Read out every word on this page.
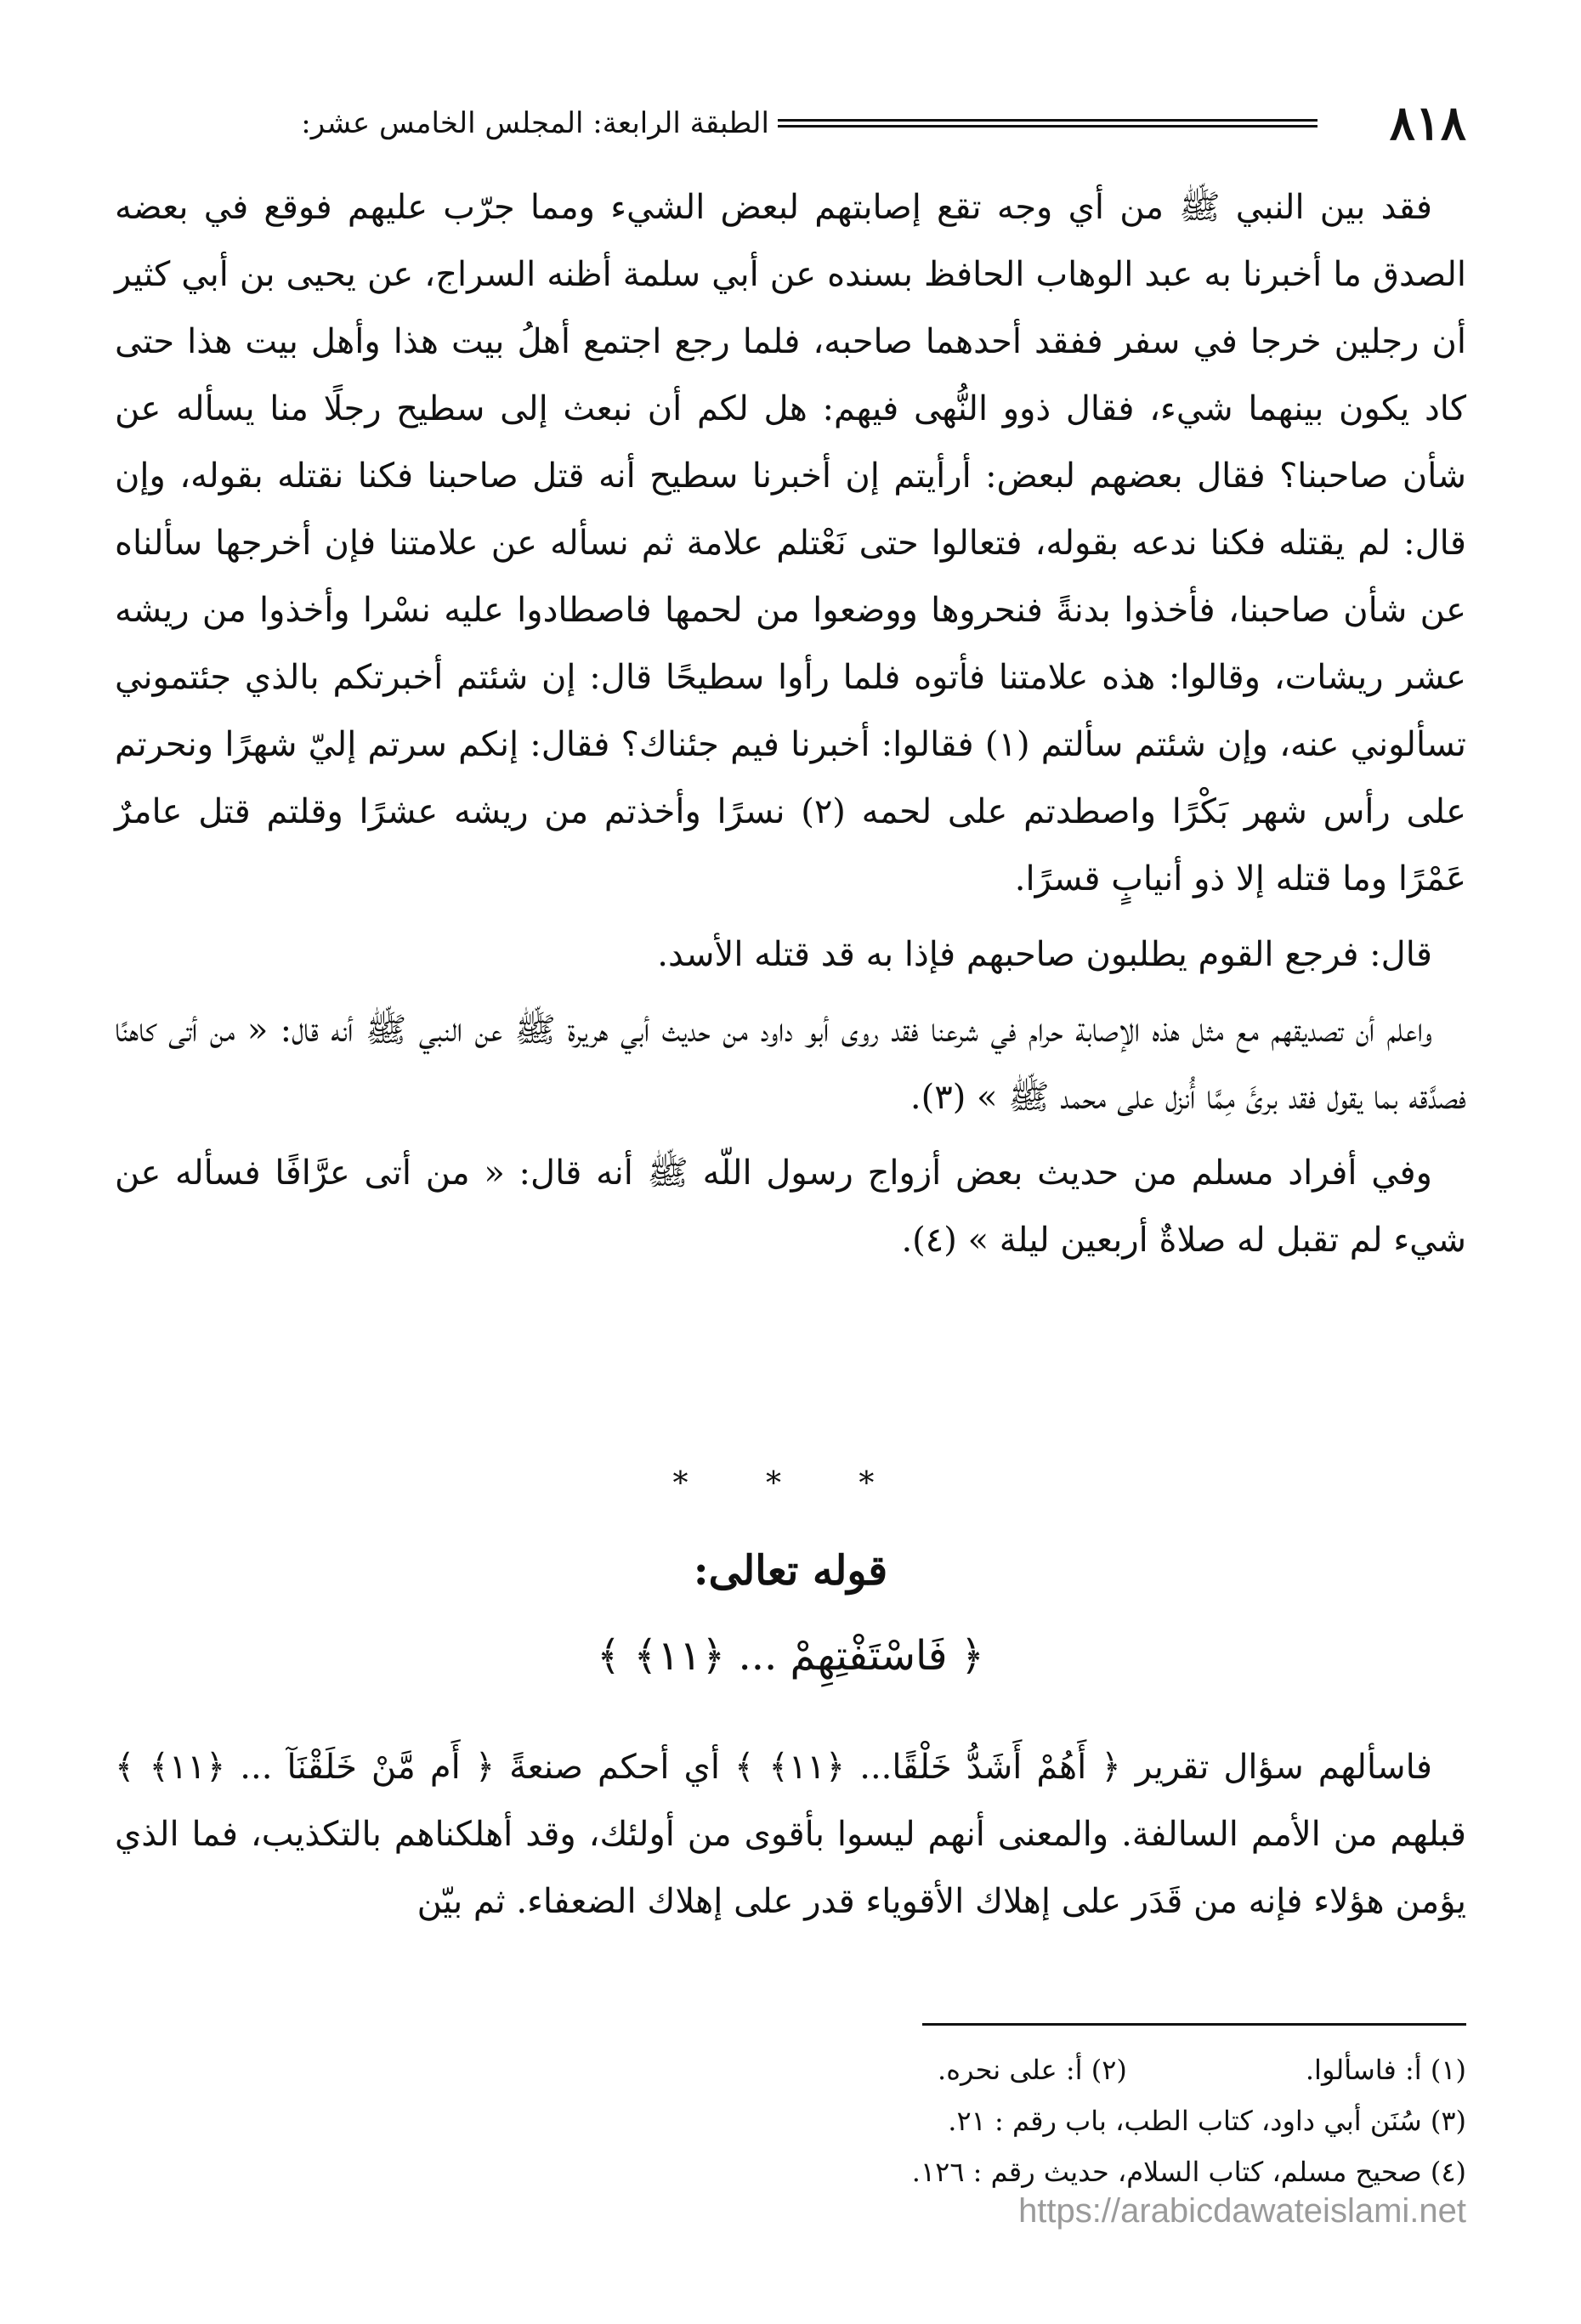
٨١٨
الطبقة الرابعة: المجلس الخامس عشر:

فقد بين النبي ﷺ من أي وجه تقع إصابتهم لبعض الشيء ومما جرّب عليهم فوقع في بعضه الصدق ما أخبرنا به عبد الوهاب الحافظ بسنده عن أبي سلمة أظنه السراج، عن يحيى بن أبي كثير أن رجلين خرجا في سفر ففقد أحدهما صاحبه، فلما رجع اجتمع أهلُ بيت هذا وأهل بيت هذا حتى كاد يكون بينهما شيء، فقال ذوو النُّهى فيهم: هل لكم أن نبعث إلى سطيح رجلًا منا يسأله عن شأن صاحبنا؟ فقال بعضهم لبعض: أرأيتم إن أخبرنا سطيح أنه قتل صاحبنا فكنا نقتله بقوله، وإن قال: لم يقتله فكنا ندعه بقوله، فتعالوا حتى نَعْتلم علامة ثم نسأله عن علامتنا فإن أخرجها سألناه عن شأن صاحبنا، فأخذوا بدنةً فنحروها ووضعوا من لحمها فاصطادوا عليه نسْرا وأخذوا من ريشه عشر ريشات، وقالوا: هذه علامتنا فأتوه فلما رأوا سطيحًا قال: إن شئتم أخبرتكم بالذي جئتموني تسألوني عنه، وإن شئتم سألتم (١) فقالوا: أخبرنا فيم جئناك؟ فقال: إنكم سرتم إليّ شهرًا ونحرتم على رأس شهر بَكْرًا واصطدتم على لحمه (٢) نسرًا وأخذتم من ريشه عشرًا وقلتم قتل عامرٌ عَمْرًا وما قتله إلا ذو أنيابٍ قسرًا.

قال: فرجع القوم يطلبون صاحبهم فإذا به قد قتله الأسد.

واعلم أن تصديقهم مع مثل هذه الإصابة حرام في شرعنا فقد روى أبو داود من حديث أبي هريرة ﷺ عن النبي ﷺ أنه قال: « من أتى كاهنًا فصدَّقه بما يقول فقد برئَ مِمَّا أُنزل على محمد ﷺ » (٣).

وفي أفراد مسلم من حديث بعض أزواج رسول اللّه ﷺ أنه قال: « من أتى عرَّافًا فسأله عن شيء لم تقبل له صلاةٌ أربعين ليلة » (٤).

* * *
قوله تعالى:
﴿ فَاسْتَفْتِهِمْ ... ﴿١١﴾ ﴾

فاسألهم سؤال تقرير ﴿ أَهُمْ أَشَدُّ خَلْقًا... ﴿١١﴾ ﴾ أي أحكم صنعةً ﴿ أَم مَّنْ خَلَقْنَآ ... ﴿١١﴾ ﴾ قبلهم من الأمم السالفة. والمعنى أنهم ليسوا بأقوى من أولئك، وقد أهلكناهم بالتكذيب، فما الذي يؤمن هؤلاء فإنه من قَدَر على إهلاك الأقوياء قدر على إهلاك الضعفاء. ثم بيّن

(١) أ: فاسألوا.
(٢) أ: على نحره.
(٣) سُنَن أبي داود، كتاب الطب، باب رقم : ٢١.
(٤) صحيح مسلم، كتاب السلام، حديث رقم : ١٢٦.
https://arabicdawateislami.net
